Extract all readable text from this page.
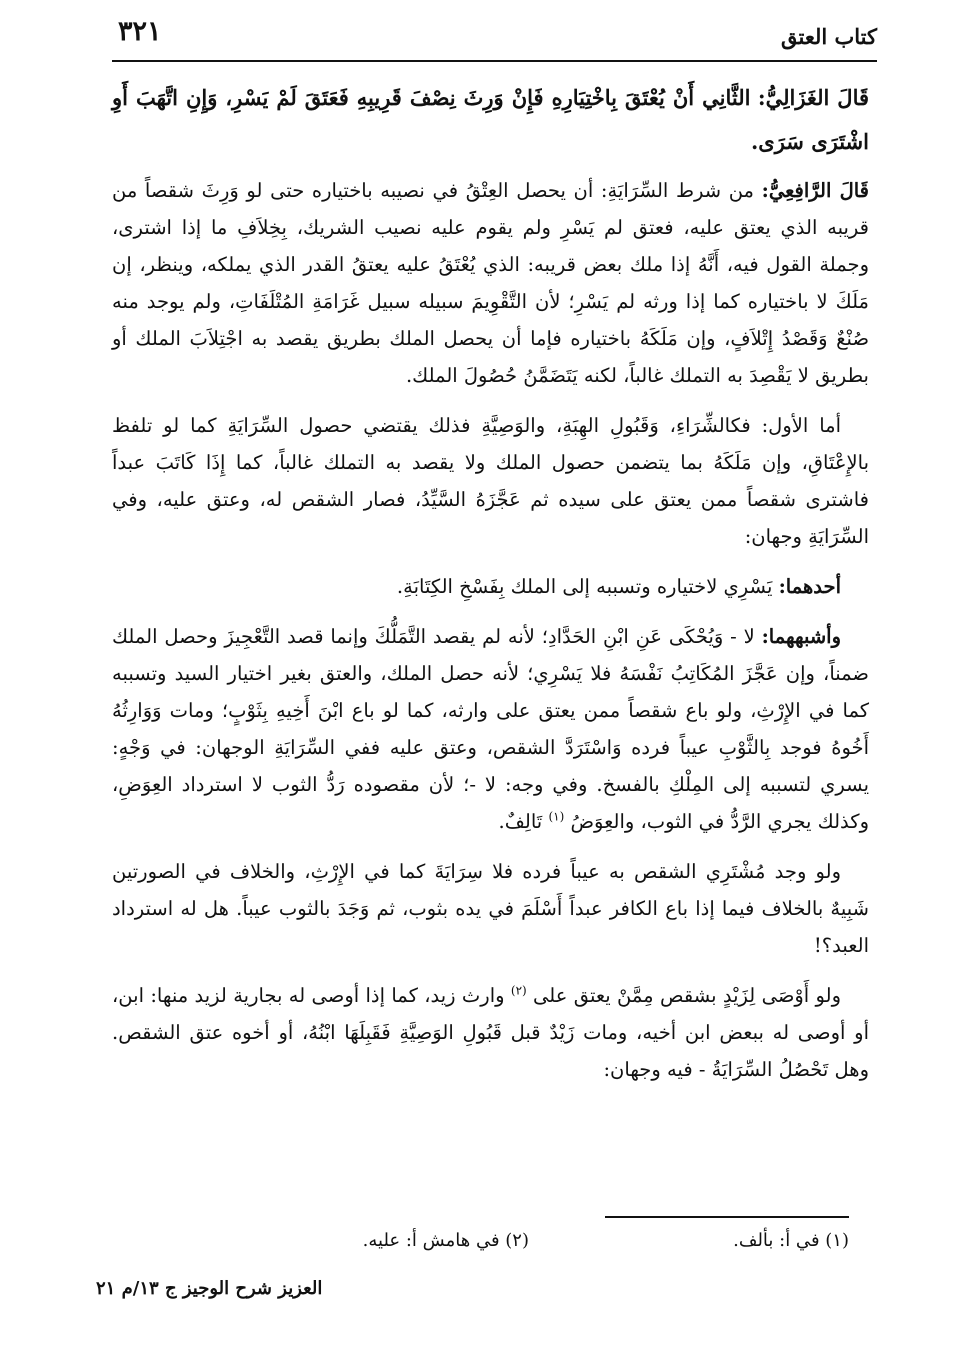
كتاب العتق
٣٢١

قَالَ الغَزَالِيُّ: الثَّانِي أَنْ يُعْتَقَ بِاخْتِيَارِهِ فَإِنْ وَرِثَ نِصْفَ قَرِيبِهِ فَعَتَقَ لَمْ يَسْرِ، وَإِنِ اتَّهَبَ أَوِ اشْتَرَى سَرَى.

قَالَ الرَّافِعِيُّ: من شرط السِّرَايَةِ: أن يحصل العِتْقُ في نصيبه باختياره حتى لو وَرِثَ شقصاً من قريبه الذي يعتق عليه، فعتق لم يَسْرِ ولم يقوم عليه نصيب الشريك، بِخِلاَفِ ما إذا اشترى، وجملة القول فيه، أَنَّهُ إذا ملك بعض قريبه: الذي يُعْتَقُ عليه يعتقُ القدر الذي يملكه، وينظر، إن مَلَكَ لا باختياره كما إذا ورثه لم يَسْرِ؛ لأن التَّقْوِيمَ سبيله سبيل غَرَامَةِ المُتْلَفَاتِ، ولم يوجد منه صُنْعٌ وَقَصْدُ إِتْلاَفٍ، وإن مَلَكَهُ باختياره فإما أن يحصل الملك بطريق يقصد به اجْتِلاَبَ الملك أو بطريق لا يَقْصِدَ به التملك غالباً، لكنه يَتَضَمَّنُ حُصُولَ الملك.

أما الأول: فكالشِّرَاءِ، وَقَبُولِ الهِبَةِ، والوَصِيَّةِ فذلك يقتضي حصول السِّرَايَةِ كما لو تلفظ بالإِعْتَاقِ، وإن مَلَكَهُ بما يتضمن حصول الملك ولا يقصد به التملك غالباً، كما إِذَا كَاتَبَ عبداً فاشترى شقصاً ممن يعتق على سيده ثم عَجَّزَهُ السَّيِّدُ، فصار الشقص له، وعتق عليه، وفي السِّرَايَةِ وجهان:

أحدهما: يَسْرِي لاختياره وتسببه إلى الملك بِفَسْخِ الكِتَابَةِ.

وأشبههما: لا - وَيُحْكَى عَنِ ابْنِ الحَدَّادِ؛ لأنه لم يقصد التَّمَلُّكَ وإنما قصد التَّعْجِيزَ وحصل الملك ضمناً، وإن عَجَّزَ المُكَاتِبُ نَفْسَهُ فلا يَسْرِي؛ لأنه حصل الملك، والعتق بغير اختيار السيد وتسببه كما في الإِرْثِ، ولو باع شقصاً ممن يعتق على وارثه، كما لو باع ابْنَ أَخِيهِ بِثَوْبٍ؛ ومات وَوَارِثُهُ أَخُوهُ فوجد بِالثَّوْبِ عيباً فرده وَاسْتَرَدَّ الشقص، وعتق عليه ففي السِّرَايَةِ الوجهان: في وَجْهٍ: يسري لتسببه إلى المِلْكِ بالفسخ. وفي وجه: لا -؛ لأن مقصوده رَدُّ الثوب لا استرداد العِوَضِ، وكذلك يجري الرَّدُّ في الثوب، والعِوَضُ $^{(١)}$ تَالِفٌ.

ولو وجد مُشْتَرِي الشقص به عيباً فرده فلا سِرَايَةَ كما في الإِرْثِ، والخلاف في الصورتين شَبِيهٌ بالخلاف فيما إذا باع الكافر عبداً أَسْلَمَ في يده بثوب، ثم وَجَدَ بالثوب عيباً. هل له استرداد العبد؟!

ولو أَوْصَى لِزَيْدٍ بشقص مِمَّنْ يعتق على $^{(٢)}$ وارث زيد، كما إذا أوصى له بجارية لزيد منها: ابن، أو أوصى له ببعض ابن أخيه، ومات زَيْدٌ قبل قَبُولِ الوَصِيَّةِ فَقَبِلَهَا ابْنُهُ، أو أخوه عتق الشقص. وهل تَحْصُلُ السِّرَايَةُ - فيه وجهان:

(١) في أ: بألف.
(٢) في هامش أ: عليه.
العزيز شرح الوجيز ج ١٣/م ٢١
